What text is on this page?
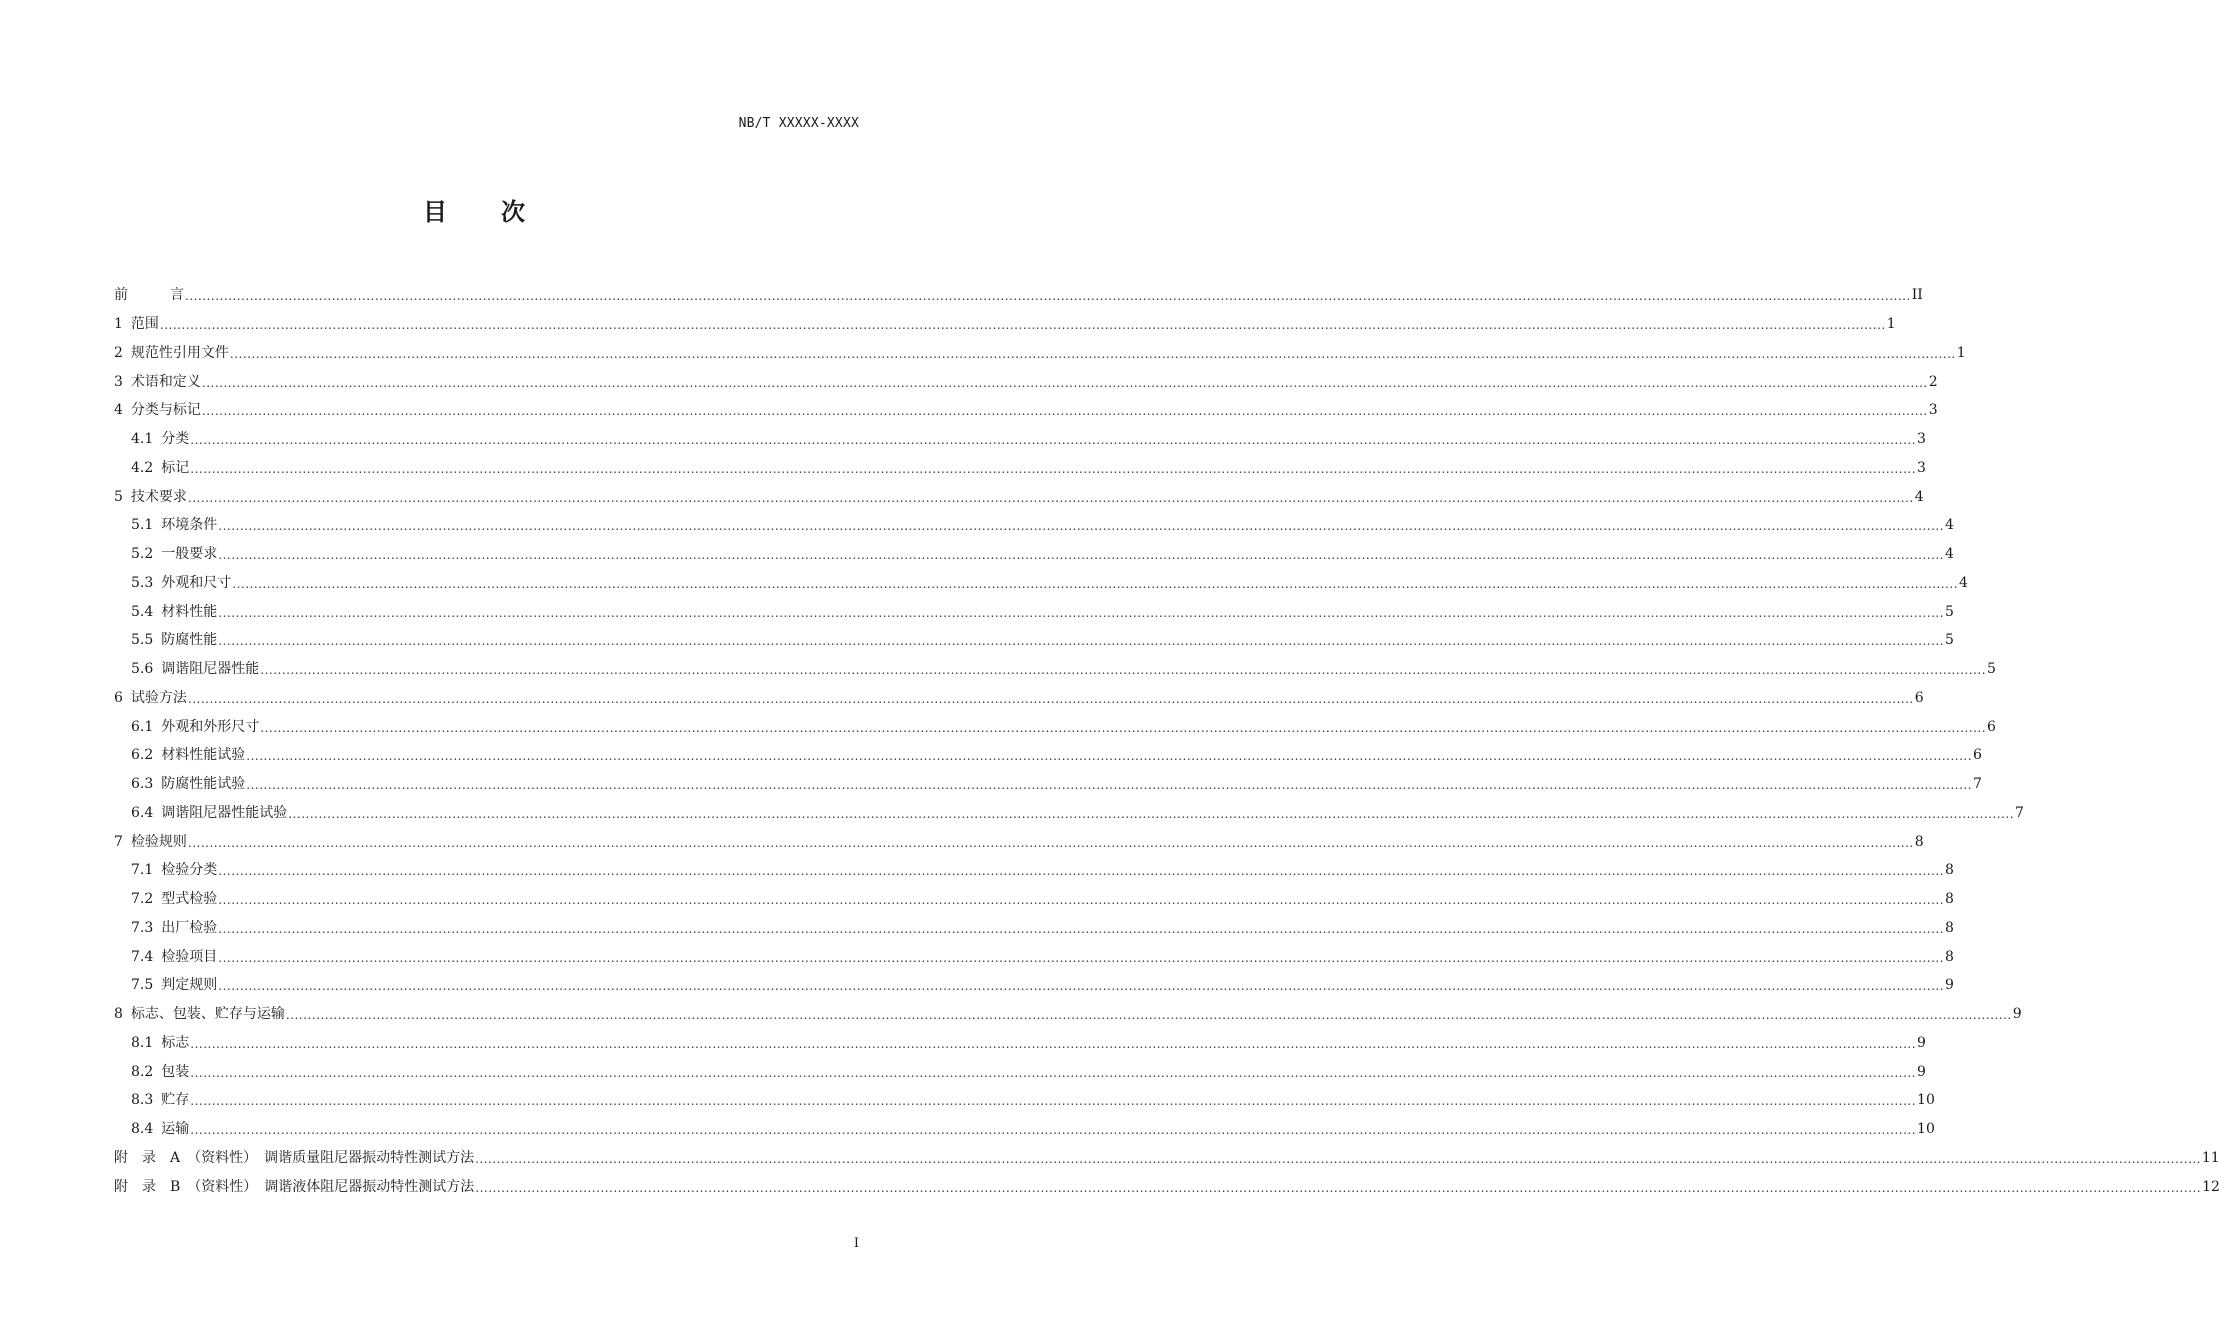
NB/T XXXXX-XXXX
目　　次
前　　　言 ................................................................................................................................................................................................................................................................................................................................................................................................................ II
1 范围 ................................................................................................................................................................................................................................................................................................................................................................................................................ 1
2 规范性引用文件 ................................................................................................................................................................................................................................................................................................................................................................................................................ 1
3 术语和定义 ................................................................................................................................................................................................................................................................................................................................................................................................................ 2
4 分类与标记 ................................................................................................................................................................................................................................................................................................................................................................................................................ 3
4.1 分类 ................................................................................................................................................................................................................................................................................................................................................................................................................ 3
4.2 标记 ................................................................................................................................................................................................................................................................................................................................................................................................................ 3
5 技术要求 ................................................................................................................................................................................................................................................................................................................................................................................................................ 4
5.1 环境条件 ................................................................................................................................................................................................................................................................................................................................................................................................................ 4
5.2 一般要求 ................................................................................................................................................................................................................................................................................................................................................................................................................ 4
5.3 外观和尺寸 ................................................................................................................................................................................................................................................................................................................................................................................................................ 4
5.4 材料性能 ................................................................................................................................................................................................................................................................................................................................................................................................................ 5
5.5 防腐性能 ................................................................................................................................................................................................................................................................................................................................................................................................................ 5
5.6 调谐阻尼器性能 ................................................................................................................................................................................................................................................................................................................................................................................................................ 5
6 试验方法 ................................................................................................................................................................................................................................................................................................................................................................................................................ 6
6.1 外观和外形尺寸 ................................................................................................................................................................................................................................................................................................................................................................................................................ 6
6.2 材料性能试验 ................................................................................................................................................................................................................................................................................................................................................................................................................ 6
6.3 防腐性能试验 ................................................................................................................................................................................................................................................................................................................................................................................................................ 7
6.4 调谐阻尼器性能试验 ................................................................................................................................................................................................................................................................................................................................................................................................................ 7
7 检验规则 ................................................................................................................................................................................................................................................................................................................................................................................................................ 8
7.1 检验分类 ................................................................................................................................................................................................................................................................................................................................................................................................................ 8
7.2 型式检验 ................................................................................................................................................................................................................................................................................................................................................................................................................ 8
7.3 出厂检验 ................................................................................................................................................................................................................................................................................................................................................................................................................ 8
7.4 检验项目 ................................................................................................................................................................................................................................................................................................................................................................................................................ 8
7.5 判定规则 ................................................................................................................................................................................................................................................................................................................................................................................................................ 9
8 标志、包装、贮存与运输 ................................................................................................................................................................................................................................................................................................................................................................................................................ 9
8.1 标志 ................................................................................................................................................................................................................................................................................................................................................................................................................ 9
8.2 包装 ................................................................................................................................................................................................................................................................................................................................................................................................................ 9
8.3 贮存 ................................................................................................................................................................................................................................................................................................................................................................................................................ 10
8.4 运输 ................................................................................................................................................................................................................................................................................................................................................................................................................ 10
附　录　A　（资料性）　调谐质量阻尼器振动特性测试方法 ................................................................................................................................................................................................................................................................................................................................................................................................................ 11
附　录　B　（资料性）　调谐液体阻尼器振动特性测试方法 ................................................................................................................................................................................................................................................................................................................................................................................................................ 12
I
